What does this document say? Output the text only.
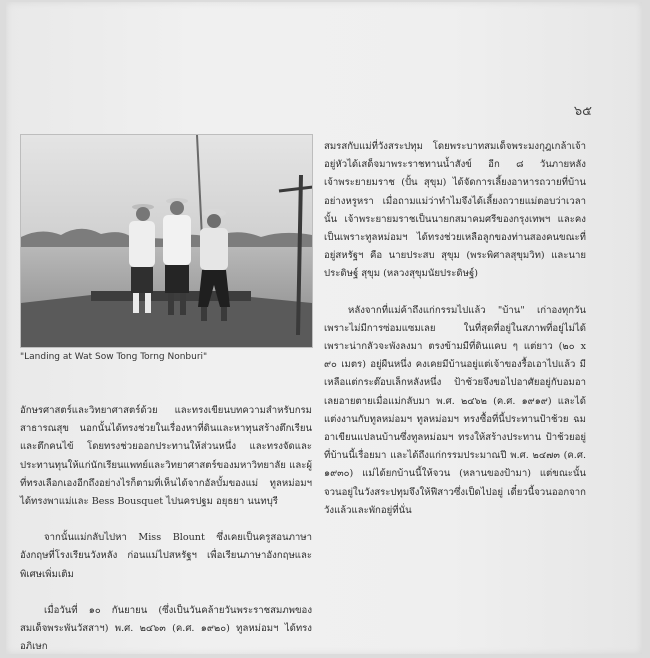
๖๕
"Landing at Wat Sow Tong Torng Nonburi"

อักษรศาสตร์และวิทยาศาสตร์ด้วย และทรงเขียนบทความสำหรับกรมสาธารณสุข นอกนั้นได้ทรงช่วยในเรื่องหาที่ดินและหาทุนสร้างตึกเรียนและตึกคนไข้ โดยทรงช่วยออกประทานให้ส่วนหนึ่ง และทรงจัดและประทานทุนให้แก่นักเรียนแพทย์และวิทยาศาสตร์ของมหาวิทยาลัย และผู้ที่ทรงเลือกเองอีกถึงอย่างไรก็ตามที่เห็นได้จากอัลบั้มของแม่ ทูลหม่อมฯ ได้ทรงพาแม่และ Bess Bousquet ไปนครปฐม อยุธยา นนทบุรี

จากนั้นแม่กลับไปหา Miss Blount ซึ่งเคยเป็นครูสอนภาษาอังกฤษที่โรงเรียนวังหลัง ก่อนแม่ไปสหรัฐฯ เพื่อเรียนภาษาอังกฤษและพิเศษเพิ่มเติม

เมื่อวันที่ ๑๐ กันยายน (ซึ่งเป็นวันคล้ายวันพระราชสมภพของสมเด็จพระพันวัสสาฯ) พ.ศ. ๒๔๖๓ (ค.ศ. ๑๙๒๐) ทูลหม่อมฯ ได้ทรงอภิเษก

สมรสกับแม่ที่วังสระปทุม โดยพระบาทสมเด็จพระมงกุฎเกล้าเจ้าอยู่หัวได้เสด็จมาพระราชทานน้ำสังข์ อีก ๘ วันภายหลังเจ้าพระยายมราช (ปั้น สุขุม) ได้จัดการเลี้ยงอาหารถวายที่บ้านอย่างหรูหรา เมื่อถามแม่ว่าทำไมจึงได้เลี้ยงถวายแม่ตอบว่าเวลานั้น เจ้าพระยายมราชเป็นนายกสมาคมศรีของกรุงเทพฯ และคงเป็นเพราะทูลหม่อมฯ ได้ทรงช่วยเหลือลูกของท่านสองคนขณะที่อยู่สหรัฐฯ คือ นายประสบ สุขุม (พระพิศาลสุขุมวิท) และนายประดิษฐ์ สุขุม (หลวงสุขุมนัยประดิษฐ์)

หลังจากที่แม่ค้าถึงแก่กรรมไปแล้ว "บ้าน" เก่าองทุกวันเพราะไม่มีการซ่อมแซมเลย ในที่สุดที่อยู่ในสภาพที่อยู่ไม่ได้ เพราะน่ากลัวจะพังลงมา ตรงข้ามมีที่ดินแคบ ๆ แต่ยาว (๒๐ x ๙๐ เมตร) อยู่ผืนหนึ่ง คงเคยมีบ้านอยู่แต่เจ้าของรื้อเอาไปแล้ว มีเหลือแต่กระต๊อบเล็กหลังหนึ่ง ป้าช้วยจึงขอไปอาศัยอยู่กับอมอาเลยอายตายเมื่อแม่กลับมา พ.ศ. ๒๔๖๒ (ค.ศ. ๑๙๑๙) และได้แต่งงานกับทูลหม่อมฯ ทูลหม่อมฯ ทรงซื้อที่นี้ประทานป้าช้วย ฉมอาเขียนแปลนบ้านซึ่งทูลหม่อมฯ ทรงให้สร้างประทาน ป้าช้วยอยู่ที่บ้านนี้เรื่อยมา และได้ถึงแก่กรรมประมาณปี พ.ศ. ๒๔๗๓ (ค.ศ. ๑๙๓๐) แม่ได้ยกบ้านนี้ให้จวน (หลานของป้ามา) แต่ขณะนั้นจวนอยู่ในวังสระปทุมจึงให้ฟีสาวซึ่งเป็ดไปอยู่ เดี๋ยวนี้จวนออกจากวังแล้วและพักอยู่ที่นั่น
